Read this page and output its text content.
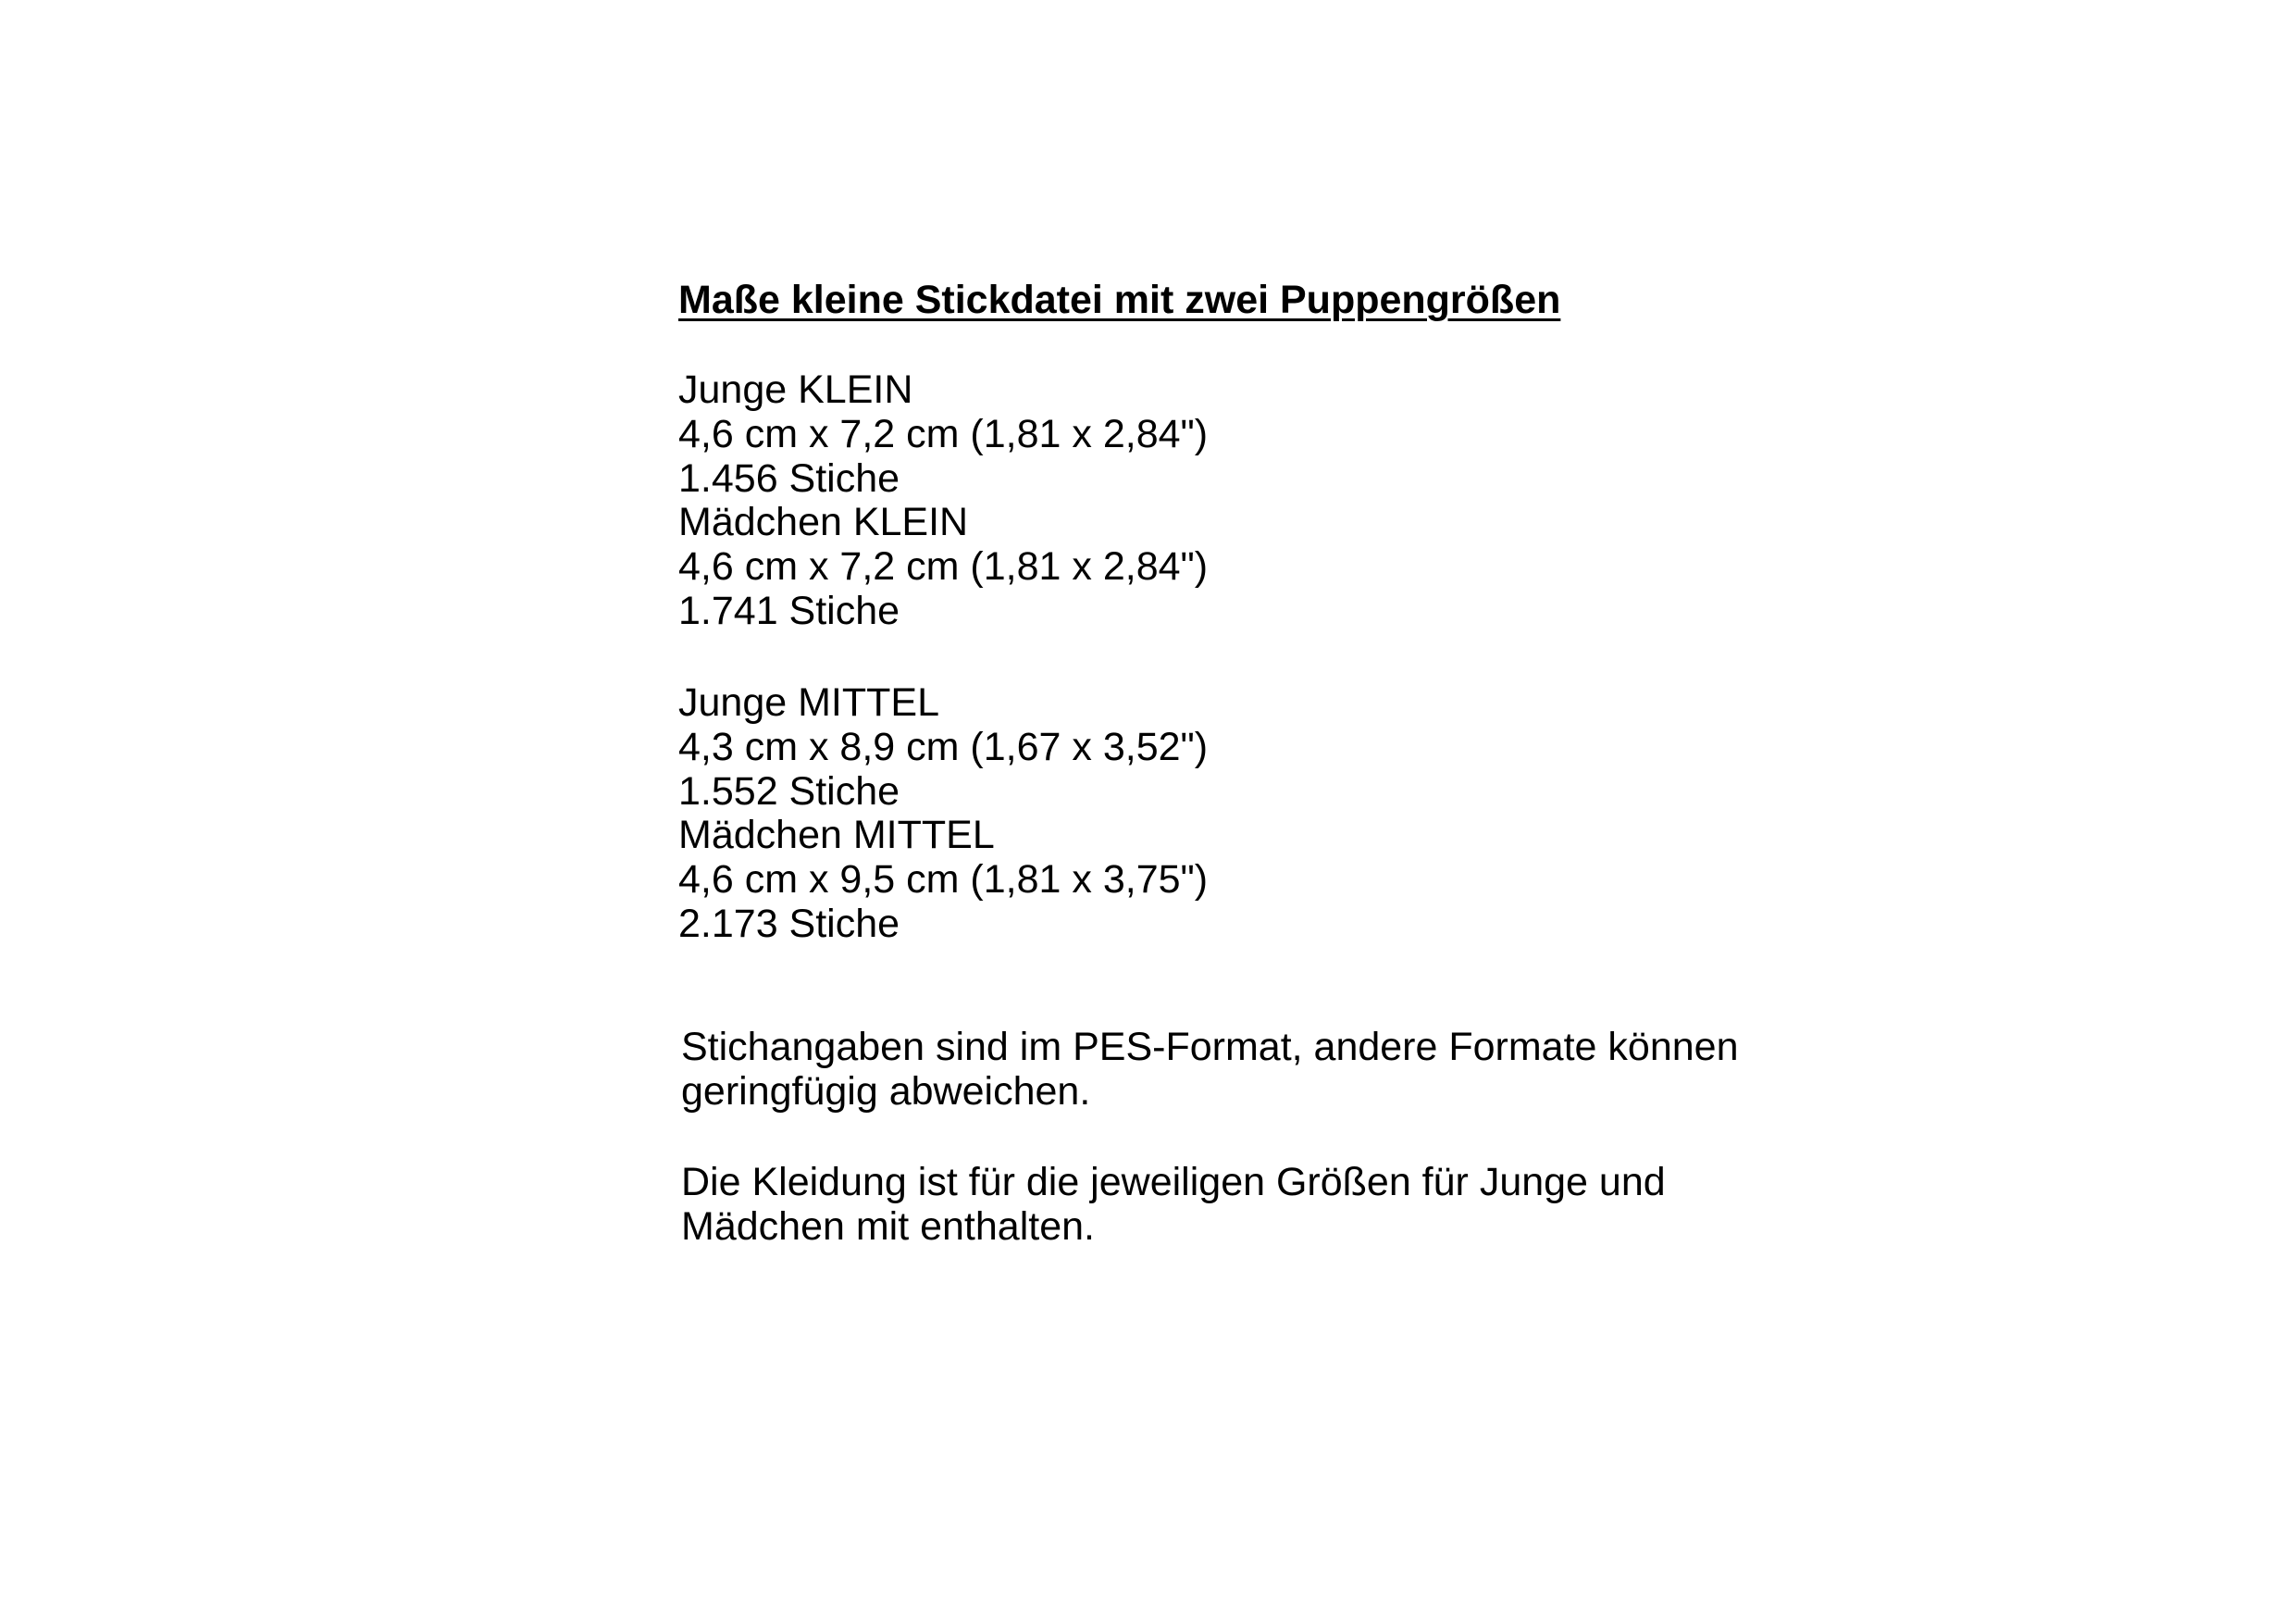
Maße kleine Stickdatei mit zwei Puppengrößen
Junge KLEIN
4,6 cm x 7,2 cm (1,81 x 2,84")
1.456 Stiche
Mädchen KLEIN
4,6 cm x 7,2 cm (1,81 x 2,84")
1.741 Stiche
Junge MITTEL
4,3 cm x 8,9 cm (1,67 x 3,52")
1.552 Stiche
Mädchen MITTEL
4,6 cm x 9,5 cm (1,81 x 3,75")
2.173 Stiche
Stichangaben sind im PES-Format, andere Formate können
geringfügig abweichen.
Die Kleidung ist für die jeweiligen Größen für Junge und
Mädchen mit enthalten.
